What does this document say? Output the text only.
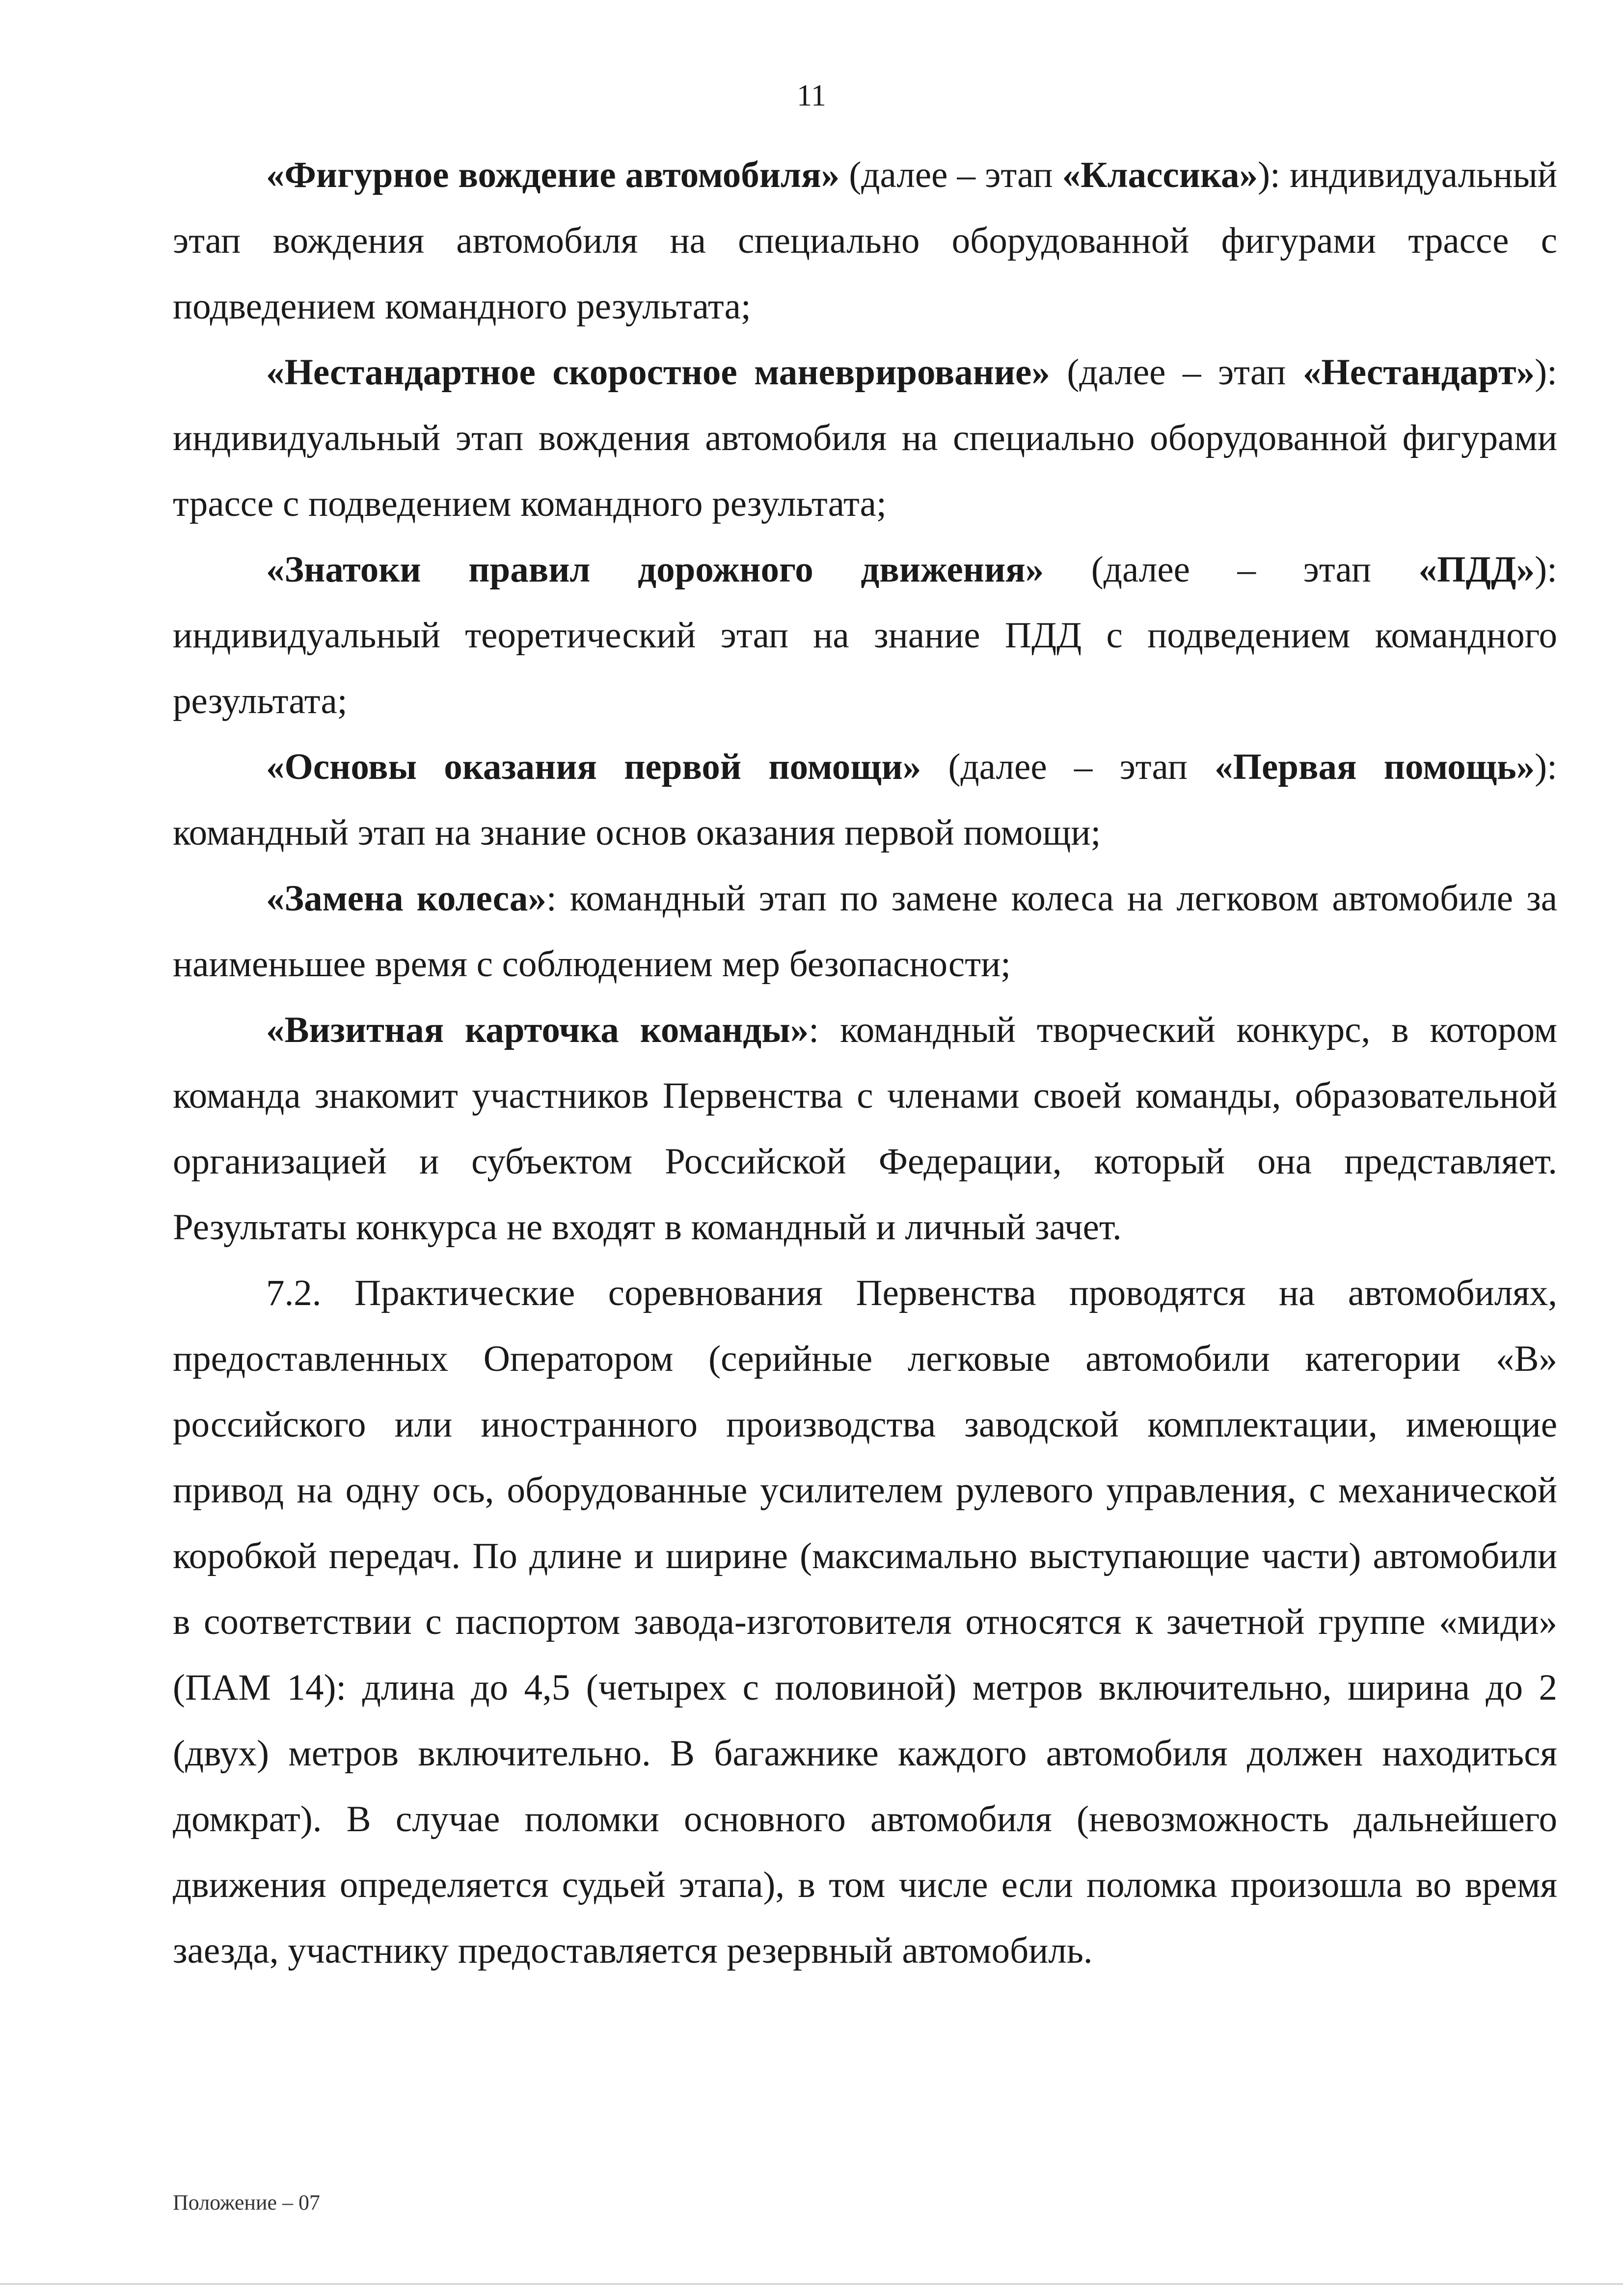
11

«Фигурное вождение автомобиля» (далее – этап «Классика»): индивидуальный этап вождения автомобиля на специально оборудованной фигурами трассе с подведением командного результата;

«Нестандартное скоростное маневрирование» (далее – этап «Нестандарт»): индивидуальный этап вождения автомобиля на специально оборудованной фигурами трассе с подведением командного результата;

«Знатоки правил дорожного движения» (далее – этап «ПДД»): индивидуальный теоретический этап на знание ПДД с подведением командного результата;

«Основы оказания первой помощи» (далее – этап «Первая помощь»): командный этап на знание основ оказания первой помощи;

«Замена колеса»: командный этап по замене колеса на легковом автомобиле за наименьшее время с соблюдением мер безопасности;

«Визитная карточка команды»: командный творческий конкурс, в котором команда знакомит участников Первенства с членами своей команды, образовательной организацией и субъектом Российской Федерации, который она представляет. Результаты конкурса не входят в командный и личный зачет.

7.2. Практические соревнования Первенства проводятся на автомобилях, предоставленных Оператором (серийные легковые автомобили категории «В» российского или иностранного производства заводской комплектации, имеющие привод на одну ось, оборудованные усилителем рулевого управления, с механической коробкой передач. По длине и ширине (максимально выступающие части) автомобили в соответствии с паспортом завода-изготовителя относятся к зачетной группе «миди» (ПАМ 14): длина до 4,5 (четырех с половиной) метров включительно, ширина до 2 (двух) метров включительно. В багажнике каждого автомобиля должен находиться домкрат). В случае поломки основного автомобиля (невозможность дальнейшего движения определяется судьей этапа), в том числе если поломка произошла во время заезда, участнику предоставляется резервный автомобиль.

Положение – 07
